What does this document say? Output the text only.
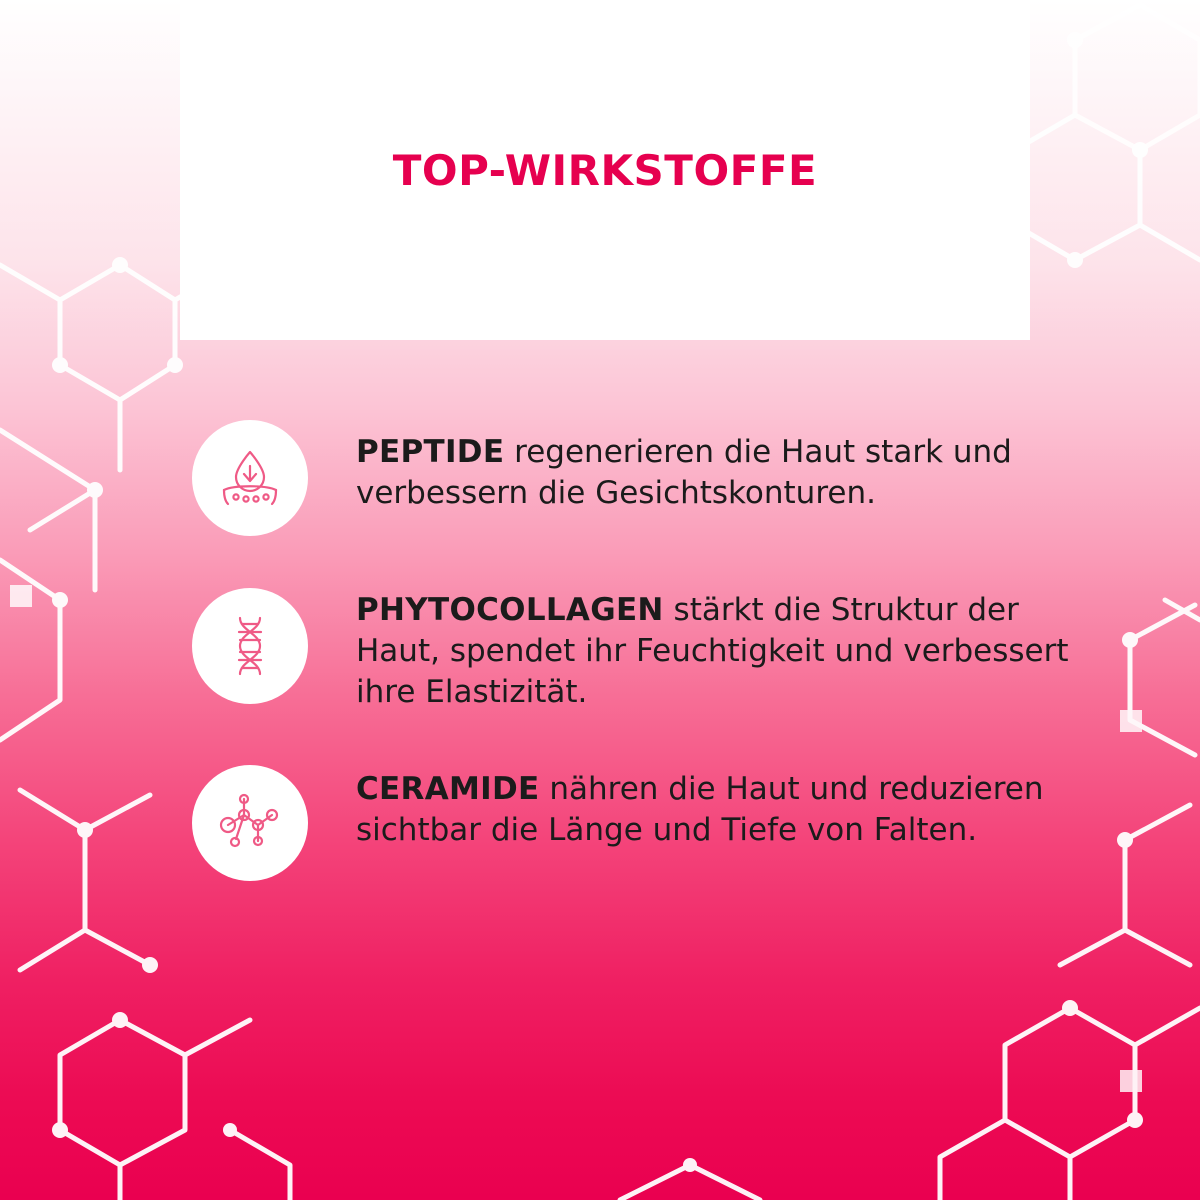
TOP-WIRKSTOFFE
PEPTIDE regenerieren die Haut stark und verbessern die Gesichtskonturen.
PHYTOCOLLAGEN stärkt die Struktur der Haut, spendet ihr Feuchtigkeit und verbessert ihre Elastizität.
CERAMIDE nähren die Haut und reduzieren sichtbar die Länge und Tiefe von Falten.
